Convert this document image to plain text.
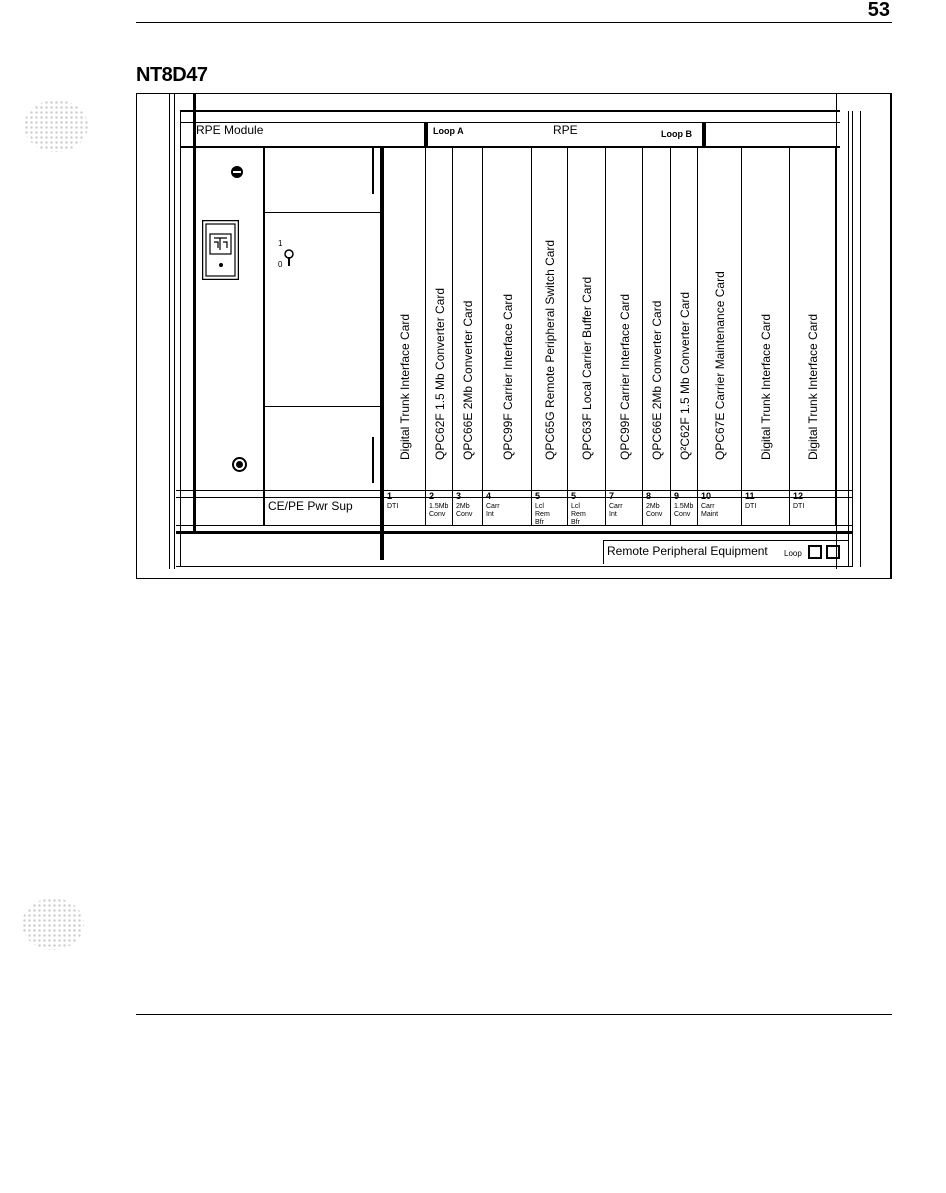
53
NT8D47
RPE Module	Loop A	RPE	Loop B
1
0
CE/PE Pwr Sup
Digital Trunk Interface Card
1
DTI
QPC62F 1.5 Mb Converter Card
2
1.5Mb
Conv
QPC66E 2Mb Converter Card
3
2Mb
Conv
QPC99F Carrier Interface Card
4
Carr
Int
QPC65G Remote Peripheral Switch Card
5
Lcl
Rem
Bfr
QPC63F Local Carrier Buffer Card
5
Lcl
Rem
Bfr
QPC99F Carrier Interface Card
7
Carr
Int
QPC66E 2Mb Converter Card
8
2Mb
Conv
Q²C62F 1.5 Mb Converter Card
9
1.5Mb
Conv
QPC67E Carrier Maintenance Card
10
Carr
Maint
Digital Trunk Interface Card
11
DTI
Digital Trunk Interface Card
12
DTI
Remote Peripheral Equipment Loop
